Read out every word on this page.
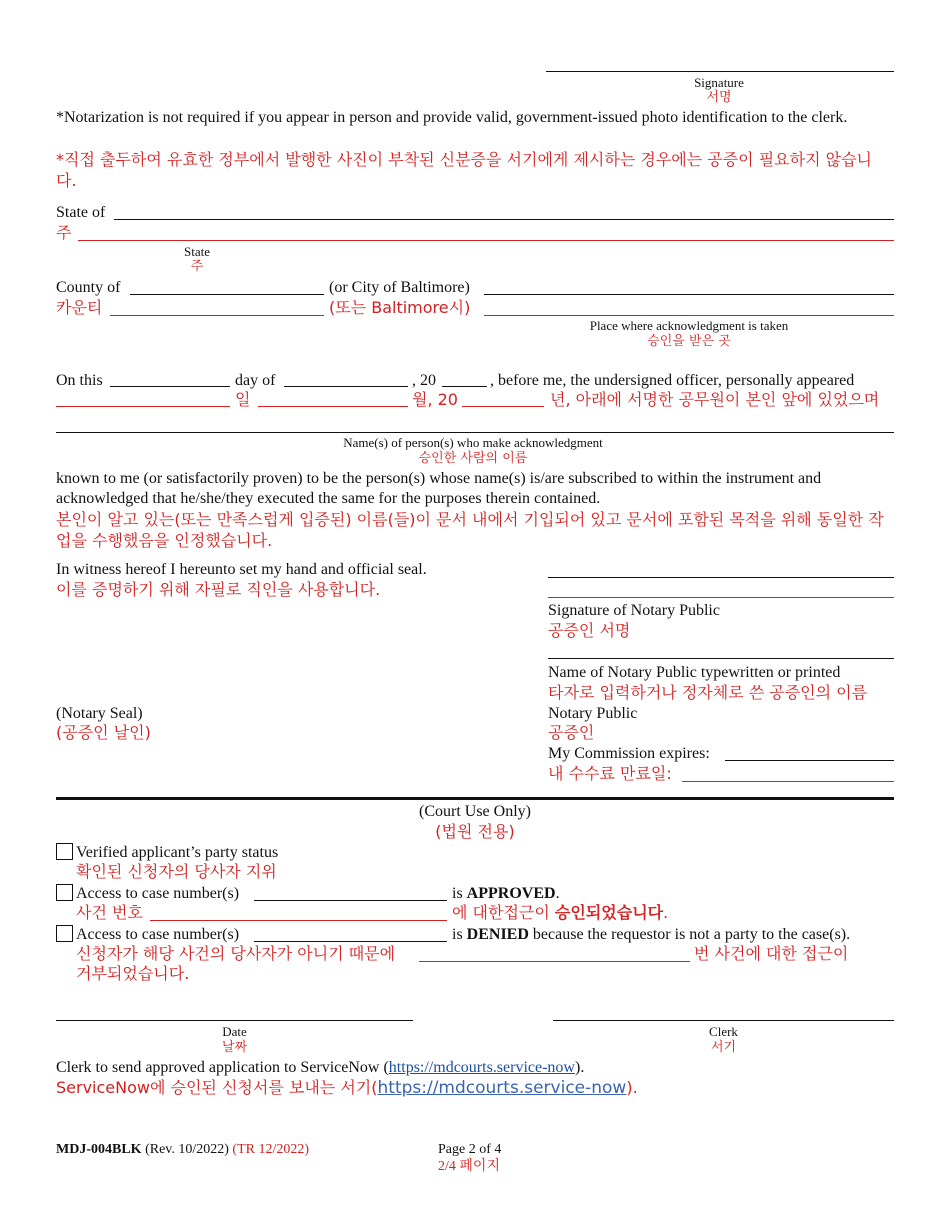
Signature
서명
*Notarization is not required if you appear in person and provide valid, government-issued photo identification to the clerk.
*직접 출두하여 유효한 정부에서 발행한 사진이 부착된 신분증을 서기에게 제시하는 경우에는 공증이 필요하지 않습니다.
State of
주
State
주
County of	(or City of Baltimore)
카운티	(또는 Baltimore시)
Place where acknowledgment is taken
승인을 받은 곳
On this	day of	, 20	, before me, the undersigned officer, personally appeared
일	월, 20	년, 아래에 서명한 공무원이 본인 앞에 있었으며
Name(s) of person(s) who make acknowledgment
승인한 사람의 이름
known to me (or satisfactorily proven) to be the person(s) whose name(s) is/are subscribed to within the instrument and acknowledged that he/she/they executed the same for the purposes therein contained.
본인이 알고 있는(또는 만족스럽게 입증된) 이름(들)이 문서 내에서 기입되어 있고 문서에 포함된 목적을 위해 동일한 작업을 수행했음을 인정했습니다.
In witness hereof I hereunto set my hand and official seal.
이를 증명하기 위해 자필로 직인을 사용합니다.
Signature of Notary Public
공증인 서명
Name of Notary Public typewritten or printed
타자로 입력하거나 정자체로 쓴 공증인의 이름
Notary Public
공증인
My Commission expires:
내 수수료 만료일:
(Notary Seal)
(공증인 날인)
(Court Use Only)
(법원 전용)
Verified applicant’s party status
확인된 신청자의 당사자 지위
Access to case number(s)	is APPROVED.
사건 번호	에 대한접근이 승인되었습니다.
Access to case number(s)	is DENIED because the requestor is not a party to the case(s).
신청자가 해당 사건의 당사자가 아니기 때문에	번 사건에 대한 접근이
거부되었습니다.
Date
날짜
Clerk
서기
Clerk to send approved application to ServiceNow (https://mdcourts.service-now).
ServiceNow에 승인된 신청서를 보내는 서기(https://mdcourts.service-now).
MDJ-004BLK (Rev. 10/2022) (TR 12/2022)	Page 2 of 4
2/4 페이지
